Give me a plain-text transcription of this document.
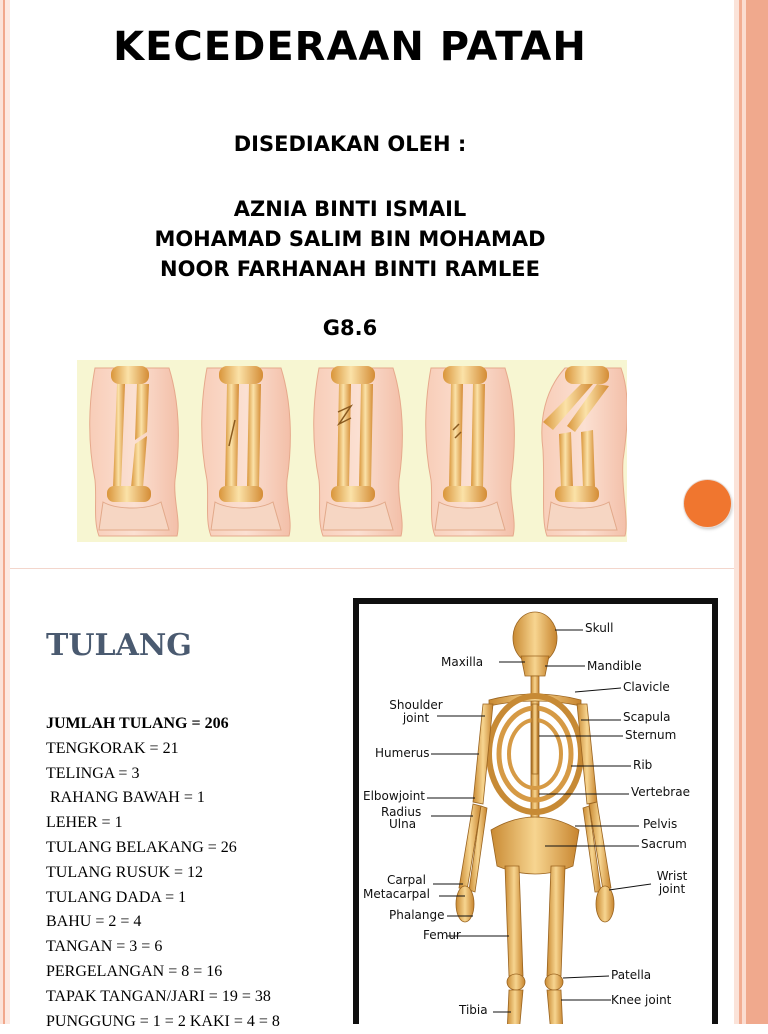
KECEDERAAN PATAH
DISEDIAKAN OLEH :
AZNIA BINTI ISMAIL
MOHAMAD SALIM BIN MOHAMAD
NOOR FARHANAH BINTI RAMLEE
G8.6
TULANG
JUMLAH TULANG = 206
TENGKORAK = 21
TELINGA = 3
RAHANG BAWAH = 1
LEHER = 1
TULANG BELAKANG = 26
TULANG RUSUK = 12
TULANG DADA = 1
BAHU = 2 = 4
TANGAN = 3 = 6
PERGELANGAN = 8 = 16
TAPAK TANGAN/JARI = 19 = 38
PUNGGUNG = 1 = 2 KAKI = 4 = 8
Skull
Maxilla	Mandible
Clavicle
Shoulder
joint	Scapula
Sternum
Humerus
Rib
Elbowjoint	Vertebrae
Radius
Ulna	Pelvis
Sacrum
Carpal
Metacarpal
Wrist
joint
Phalange
Femur
Patella
Knee joint
Tibia
